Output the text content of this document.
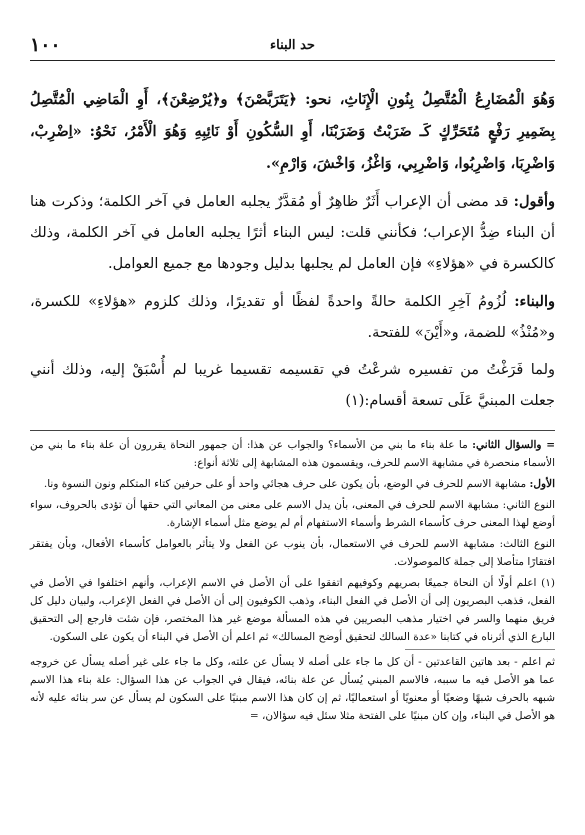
١٠٠	حد البناء

وَهُوَ الْمُضَارِعُ الْمُتَّصِلُ بِنُونِ الْإِنَاثِ، نحو: ﴿يَتَرَبَّصْنَ﴾ و﴿يُرْضِعْنَ﴾، أَوِ الْمَاضِي الْمُتَّصِلُ بِضَمِيرِ رَفْعٍ مُتَحَرِّكٍ كَـ ضَرَبْتُ وَضَرَبْنَا، أَوِ السُّكُونِ أَوْ نَائِبِهِ وَهُوَ الْأَمْرُ، نَحْوُ: «اِضْرِبْ، وَاضْرِبَا، وَاضْرِبُوا، وَاضْرِبِي، وَاغْزُ، وَاخْشَ، وَارْمِ».

وأقول: قد مضى أن الإعراب أَثَرٌ ظاهِرٌ أو مُقدَّرٌ يجلبه العامل في آخر الكلمة؛ وذكرت هنا أن البناء ضِدُّ الإعراب؛ فكأنني قلت: ليس البناء أثرًا يجلبه العامل في آخر الكلمة، وذلك كالكسرة في «هؤلاءِ» فإن العامل لم يجلبها بدليل وجودها مع جميع العوامل.

والبناء: لُزُومُ آخِرِ الكلمة حالةً واحدةً لفظًا أو تقديرًا، وذلك كلزوم «هؤلاءِ» للكسرة، و«مُنْذُ» للضمة، و«أَيْنَ» للفتحة.

ولما فَرَغْتُ من تفسيره شرعْتُ في تقسيمه تقسيما غريبا لم أُسْبَقْ إليه، وذلك أنني جعلت المبنيَّ عَلَى تسعة أقسام:(١)

= والسؤال الثاني: ما علة بناء ما بني من الأسماء؟ والجواب عن هذا: أن جمهور النحاة يقررون أن علة بناء ما بني من الأسماء منحصرة في مشابهة الاسم للحرف، ويقسمون هذه المشابهة إلى ثلاثة أنواع:

الأول: مشابهة الاسم للحرف في الوضع، بأن يكون على حرف هجائي واحد أو على حرفين كتاء المتكلم ونون النسوة ونا.

النوع الثاني: مشابهة الاسم للحرف في المعنى، بأن يدل الاسم على معنى من المعاني التي حقها أن تؤدى بالحروف، سواء أوضع لهذا المعنى حرف كأسماء الشرط وأسماء الاستفهام أم لم يوضع مثل أسماء الإشارة.

النوع الثالث: مشابهة الاسم للحرف في الاستعمال، بأن ينوب عن الفعل ولا يتأثر بالعوامل كأسماء الأفعال، وبأن يفتقر افتقارًا متأصلا إلى جملة كالموصولات.

(١) اعلم أولًا أن النحاة جميعًا بصريهم وكوفيهم اتفقوا على أن الأصل في الاسم الإعراب، وأنهم اختلفوا في الأصل في الفعل، فذهب البصريون إلى أن الأصل في الفعل البناء، وذهب الكوفيون إلى أن الأصل في الفعل الإعراب، ولبيان دليل كل فريق منهما والسر في اختيار مذهب البصريين في هذه المسألة موضع غير هذا المختصر، فإن شئت فارجع إلى التحقيق البارع الذي أثرناه في كتابنا «عدة السالك لتحقيق أوضح المسالك» ثم اعلم أن الأصل في البناء أن يكون على السكون.

ثم اعلم - بعد هاتين القاعدتين - أن كل ما جاء على أصله لا يسأل عن علته، وكل ما جاء على غير أصله يسأل عن خروجه عما هو الأصل فيه ما سببه، فالاسم المبني يُسأل عن علة بنائه، فيقال في الجواب عن هذا السؤال: علة بناء هذا الاسم شبهه بالحرف شبهًا وضعيًا أو معنويًا أو استعماليًا، ثم إن كان هذا الاسم مبنيًا على السكون لم يسأل عن سر بنائه عليه لأنه هو الأصل في البناء، وإن كان مبنيًا على الفتحة مثلا سئل فيه سؤالان، =
